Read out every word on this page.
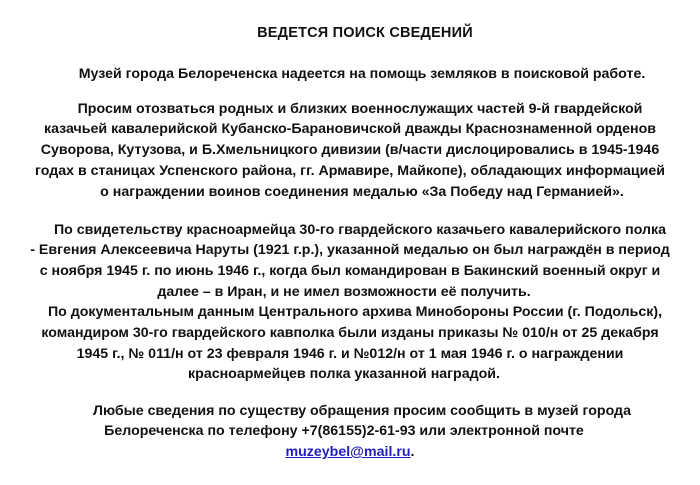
ВЕДЕТСЯ ПОИСК СВЕДЕНИЙ
Музей города Белореченска надеется на помощь земляков в поисковой работе.
Просим отозваться родных и близких военнослужащих частей 9-й гвардейской
казачьей кавалерийской Кубанско-Барановичской дважды Краснознаменной орденов
Суворова, Кутузова, и Б.Хмельницкого дивизии (в/части дислоцировались в 1945-1946
годах в станицах Успенского района, гг. Армавире, Майкопе), обладающих информацией
о награждении воинов соединения медалью «За Победу над Германией».
По свидетельству красноармейца 30-го гвардейского казачьего кавалерийского полка
- Евгения Алексеевича Наруты (1921 г.р.), указанной медалью он был награждён в период
с ноября 1945 г. по июнь 1946 г., когда был командирован в Бакинский военный округ и
далее – в Иран, и не имел возможности её получить.
По документальным данным Центрального архива Минобороны России (г. Подольск),
командиром 30-го гвардейского кавполка были изданы приказы № 010/н от 25 декабря
1945 г., № 011/н от 23 февраля 1946 г. и №012/н от 1 мая 1946 г. о награждении
красноармейцев полка указанной наградой.
Любые сведения по существу обращения просим сообщить в музей города
Белореченска по телефону +7(86155)2-61-93 или электронной почте
muzeybel@mail.ru.
